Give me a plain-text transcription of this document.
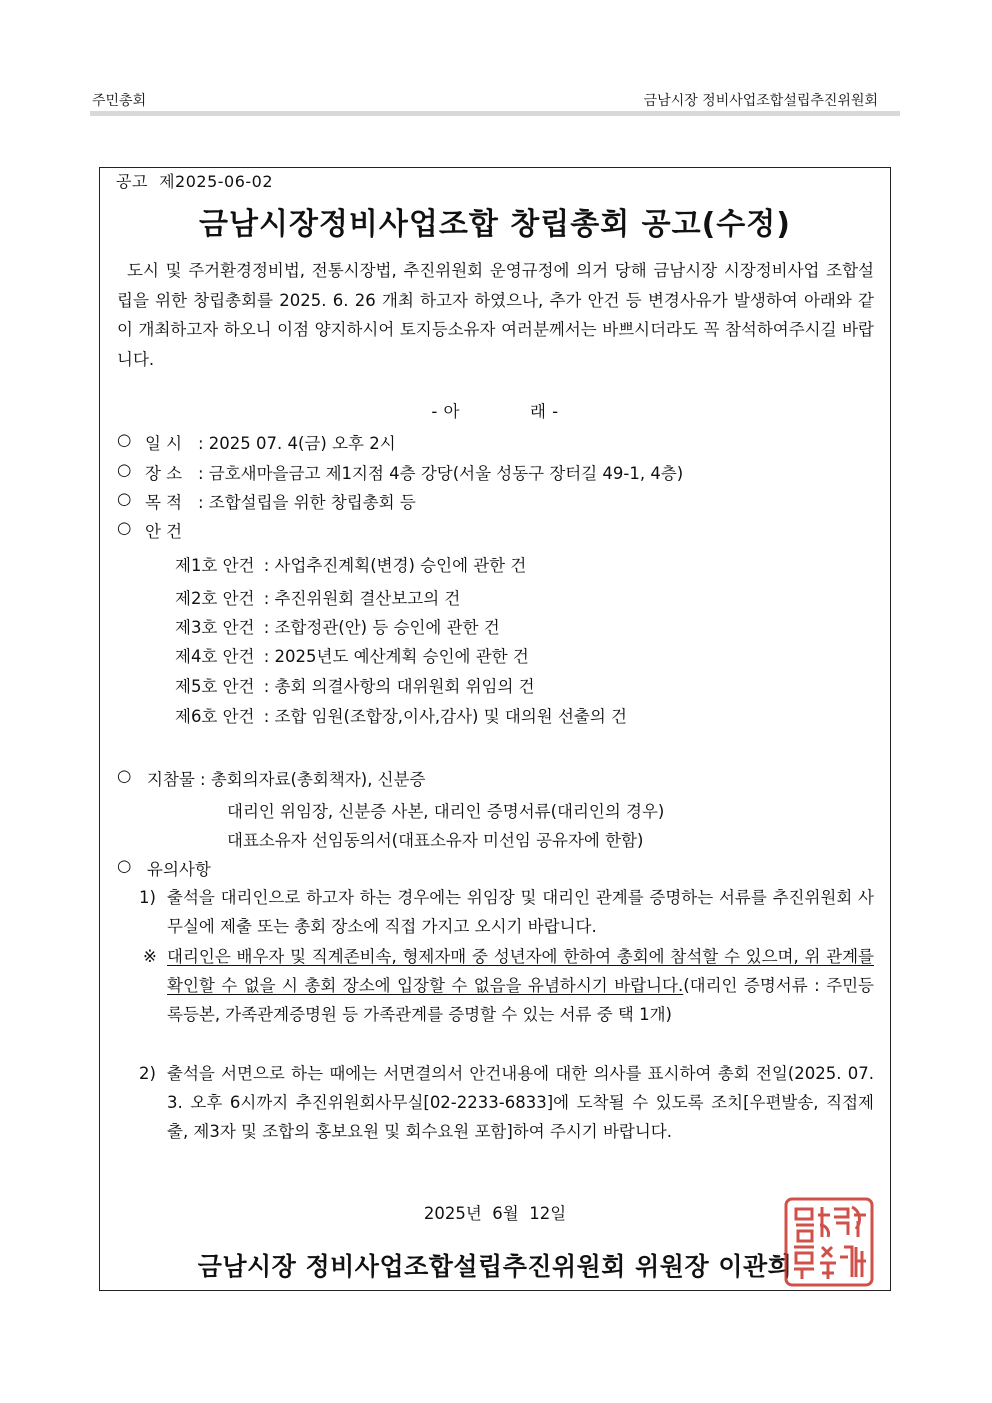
주민총회	금남시장 정비사업조합설립추진위원회
공고  제2025-06-02
금남시장정비사업조합 창립총회 공고(수정)
도시 및 주거환경정비법, 전통시장법, 추진위원회 운영규정에 의거 당해 금남시장 시장정비사업 조합설립을 위한 창립총회를 2025. 6. 26 개최 하고자 하였으나, 추가 안건 등 변경사유가 발생하여 아래와 같이 개최하고자 하오니 이점 양지하시어 토지등소유자 여러분께서는 바쁘시더라도 꼭 참석하여주시길 바랍니다.
- 아	래 -
○ 일 시 : 2025 07. 4(금) 오후 2시
○ 장 소 : 금호새마을금고 제1지점 4층 강당(서울 성동구 장터길 49-1, 4층)
○ 목 적 : 조합설립을 위한 창립총회 등
○ 안 건
제1호 안건 : 사업추진계획(변경) 승인에 관한 건
제2호 안건 : 추진위원회 결산보고의 건
제3호 안건 : 조합정관(안) 등 승인에 관한 건
제4호 안건 : 2025년도 예산계획 승인에 관한 건
제5호 안건 : 총회 의결사항의 대위원회 위임의 건
제6호 안건 : 조합 임원(조합장,이사,감사) 및 대의원 선출의 건
○ 지참물 : 총회의자료(총회책자), 신분증
대리인 위임장, 신분증 사본, 대리인 증명서류(대리인의 경우)
대표소유자 선임동의서(대표소유자 미선임 공유자에 한함)
○ 유의사항
1) 출석을 대리인으로 하고자 하는 경우에는 위임장 및 대리인 관계를 증명하는 서류를 추진위원회 사무실에 제출 또는 총회 장소에 직접 가지고 오시기 바랍니다.
※ 대리인은 배우자 및 직계존비속, 형제자매 중 성년자에 한하여 총회에 참석할 수 있으며, 위 관계를 확인할 수 없을 시 총회 장소에 입장할 수 없음을 유념하시기 바랍니다.(대리인 증명서류 : 주민등록등본, 가족관계증명원 등 가족관계를 증명할 수 있는 서류 중 택 1개)
2) 출석을 서면으로 하는 때에는 서면결의서 안건내용에 대한 의사를 표시하여 총회 전일(2025. 07. 3. 오후 6시까지 추진위원회사무실[02-2233-6833]에 도착될 수 있도록 조치[우편발송, 직접제출, 제3자 및 조합의 홍보요원 및 회수요원 포함]하여 주시기 바랍니다.
2025년  6월  12일
금남시장 정비사업조합설립추진위원회 위원장 이관희
